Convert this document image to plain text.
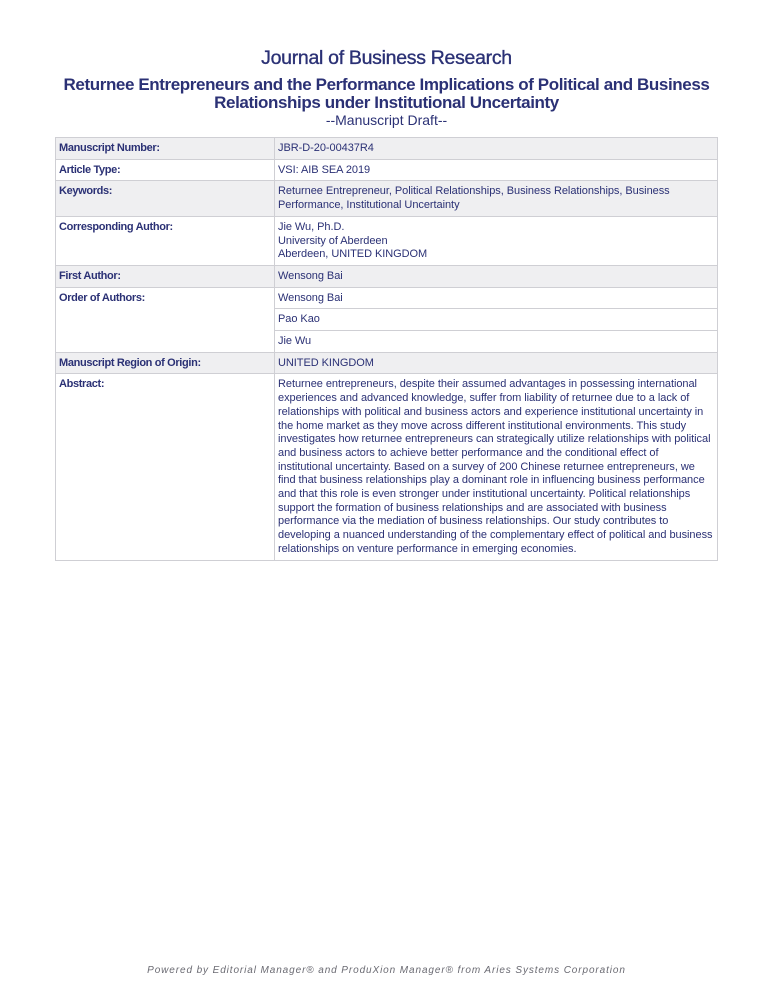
Journal of Business Research
Returnee Entrepreneurs and the Performance Implications of Political and Business Relationships under Institutional Uncertainty
--Manuscript Draft--
Manuscript Number:	JBR-D-20-00437R4
Article Type:	VSI: AIB SEA 2019
Keywords:	Returnee Entrepreneur, Political Relationships, Business Relationships, Business Performance, Institutional Uncertainty
Corresponding Author:	Jie Wu, Ph.D.
University of Aberdeen
Aberdeen, UNITED KINGDOM

First Author:	Wensong Bai
Order of Authors:	Wensong Bai
	Pao Kao
	Jie Wu
Manuscript Region of Origin:	UNITED KINGDOM
Abstract:	Returnee entrepreneurs, despite their assumed advantages in possessing international experiences and advanced knowledge, suffer from liability of returnee due to a lack of relationships with political and business actors and experience institutional uncertainty in the home market as they move across different institutional environments. This study investigates how returnee entrepreneurs can strategically utilize relationships with political and business actors to achieve better performance and the conditional effect of institutional uncertainty. Based on a survey of 200 Chinese returnee entrepreneurs, we find that business relationships play a dominant role in influencing business performance and that this role is even stronger under institutional uncertainty. Political relationships support the formation of business relationships and are associated with business performance via the mediation of business relationships. Our study contributes to developing a nuanced understanding of the complementary effect of political and business relationships on venture performance in emerging economies.
Powered by Editorial Manager® and ProduXion Manager® from Aries Systems Corporation
